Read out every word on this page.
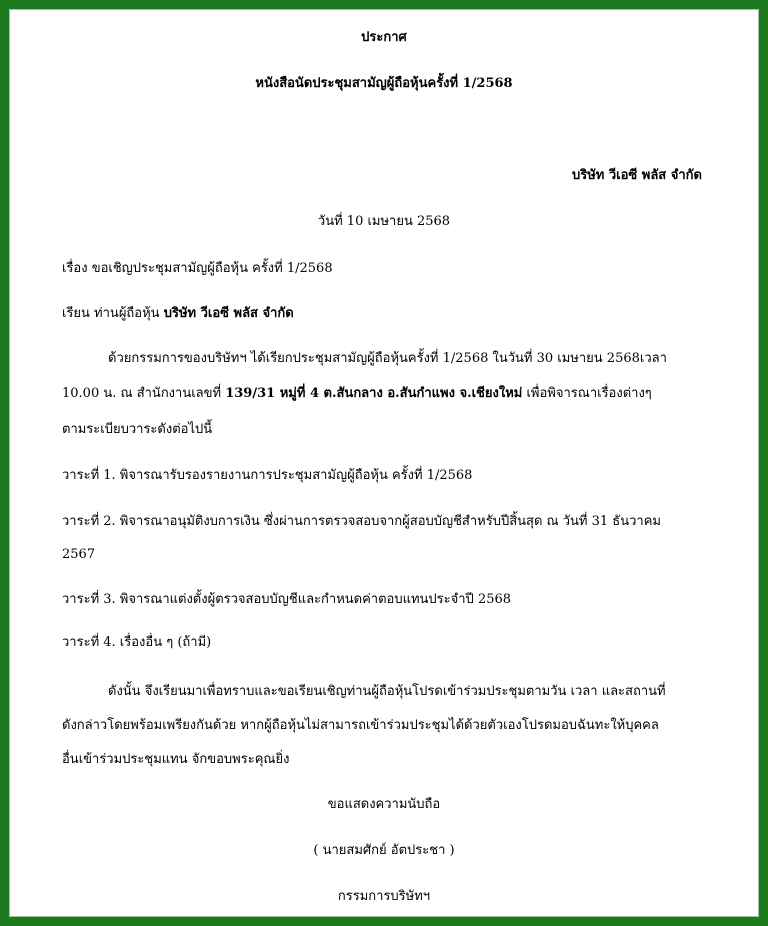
ประกาศ
หนังสือนัดประชุมสามัญผู้ถือหุ้นครั้งที่ 1/2568
บริษัท วีเอซี พลัส จำกัด
วันที่ 10 เมษายน 2568
เรื่อง ขอเชิญประชุมสามัญผู้ถือหุ้น ครั้งที่ 1/2568
เรียน ท่านผู้ถือหุ้น บริษัท วีเอซี พลัส จำกัด
ด้วยกรรมการของบริษัทฯ ได้เรียกประชุมสามัญผู้ถือหุ้นครั้งที่ 1/2568 ในวันที่ 30 เมษายน 2568เวลา
10.00 น. ณ สำนักงานเลขที่ 139/31 หมู่ที่ 4 ต.สันกลาง อ.สันกำแพง จ.เชียงใหม่ เพื่อพิจารณาเรื่องต่างๆ
ตามระเบียบวาระดังต่อไปนี้
วาระที่ 1. พิจารณารับรองรายงานการประชุมสามัญผู้ถือหุ้น ครั้งที่ 1/2568
วาระที่ 2. พิจารณาอนุมัติงบการเงิน ซึ่งผ่านการตรวจสอบจากผู้สอบบัญชีสำหรับปีสิ้นสุด ณ วันที่ 31 ธันวาคม
2567
วาระที่ 3. พิจารณาแต่งตั้งผู้ตรวจสอบบัญชีและกำหนดค่าตอบแทนประจำปี 2568
วาระที่ 4. เรื่องอื่น ๆ (ถ้ามี)
ดังนั้น จึงเรียนมาเพื่อทราบและขอเรียนเชิญท่านผู้ถือหุ้นโปรดเข้าร่วมประชุมตามวัน เวลา และสถานที่
ดังกล่าวโดยพร้อมเพรียงกันด้วย หากผู้ถือหุ้นไม่สามารถเข้าร่วมประชุมได้ด้วยตัวเองโปรดมอบฉันทะให้บุคคล
อื่นเข้าร่วมประชุมแทน จักขอบพระคุณยิ่ง
ขอแสดงความนับถือ
( นายสมศักย์ อัตประชา )
กรรมการบริษัทฯ
